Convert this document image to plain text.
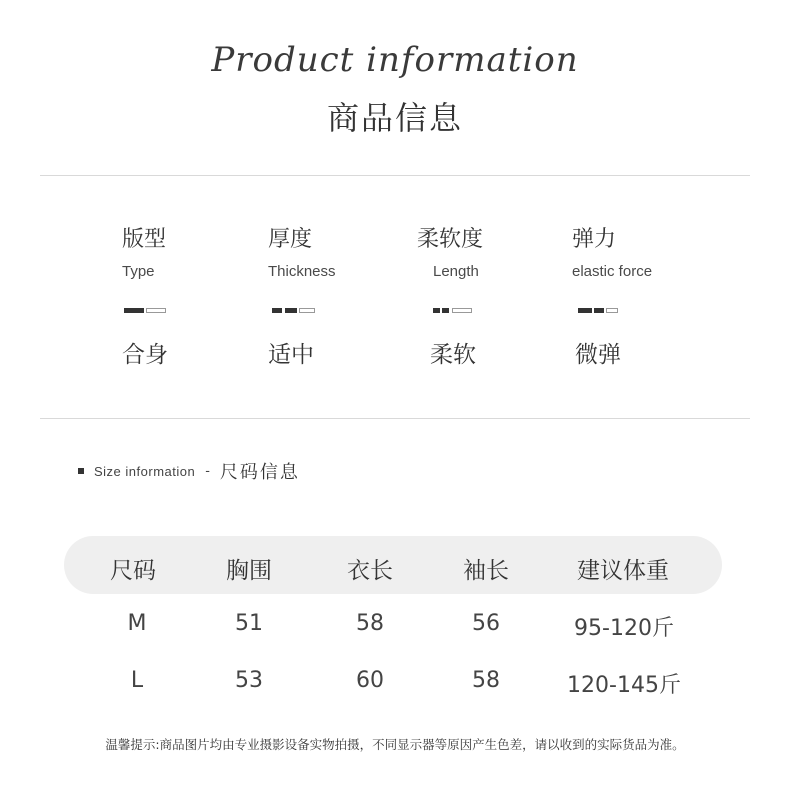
Product information
商品信息
版型
Type
合身
厚度
Thickness
适中
柔软度
Length
柔软
弹力
elastic force
微弹
Size information - 尺码信息
尺码	胸围	衣长	袖长	建议体重
M	51	58	56	95-120斤
L	53	60	58	120-145斤
温馨提示:商品图片均由专业摄影设备实物拍摄，不同显示器等原因产生色差，请以收到的实际货品为准。
